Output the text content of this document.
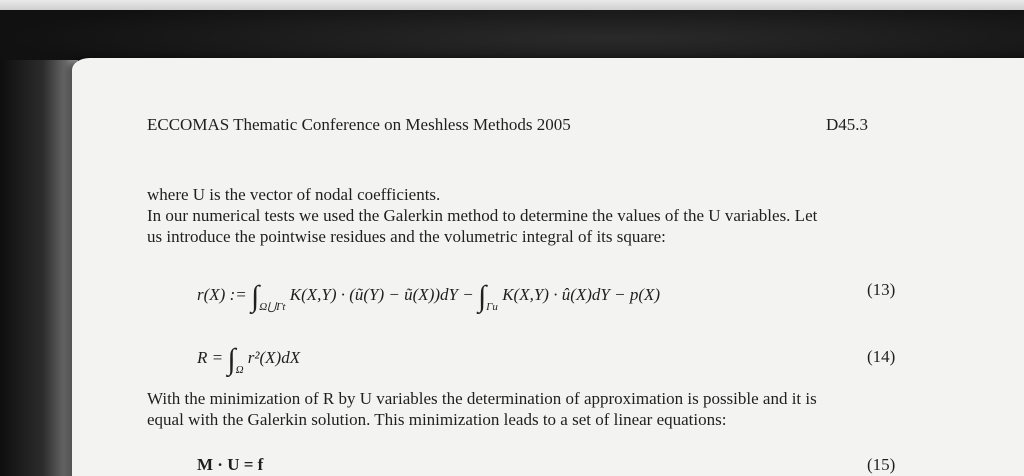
ECCOMAS Thematic Conference on Meshless Methods 2005	D45.3
where U is the vector of nodal coefficients.
In our numerical tests we used the Galerkin method to determine the values of the U variables. Let
us introduce the pointwise residues and the volumetric integral of its square:
r(X) := $\int_{\Omega⋃\Gamma t}$ K(X,Y) · (ũ(Y) − ũ(X))dY − $\int_{\Gamma u}$ K(X,Y) · û(X)dY − p(X)	(13)
$R = \int_\Omega$ r²(X)dX	(14)
With the minimization of R by U variables the determination of approximation is possible and it is
equal with the Galerkin solution. This minimization leads to a set of linear equations:
M · U = f	(15)
